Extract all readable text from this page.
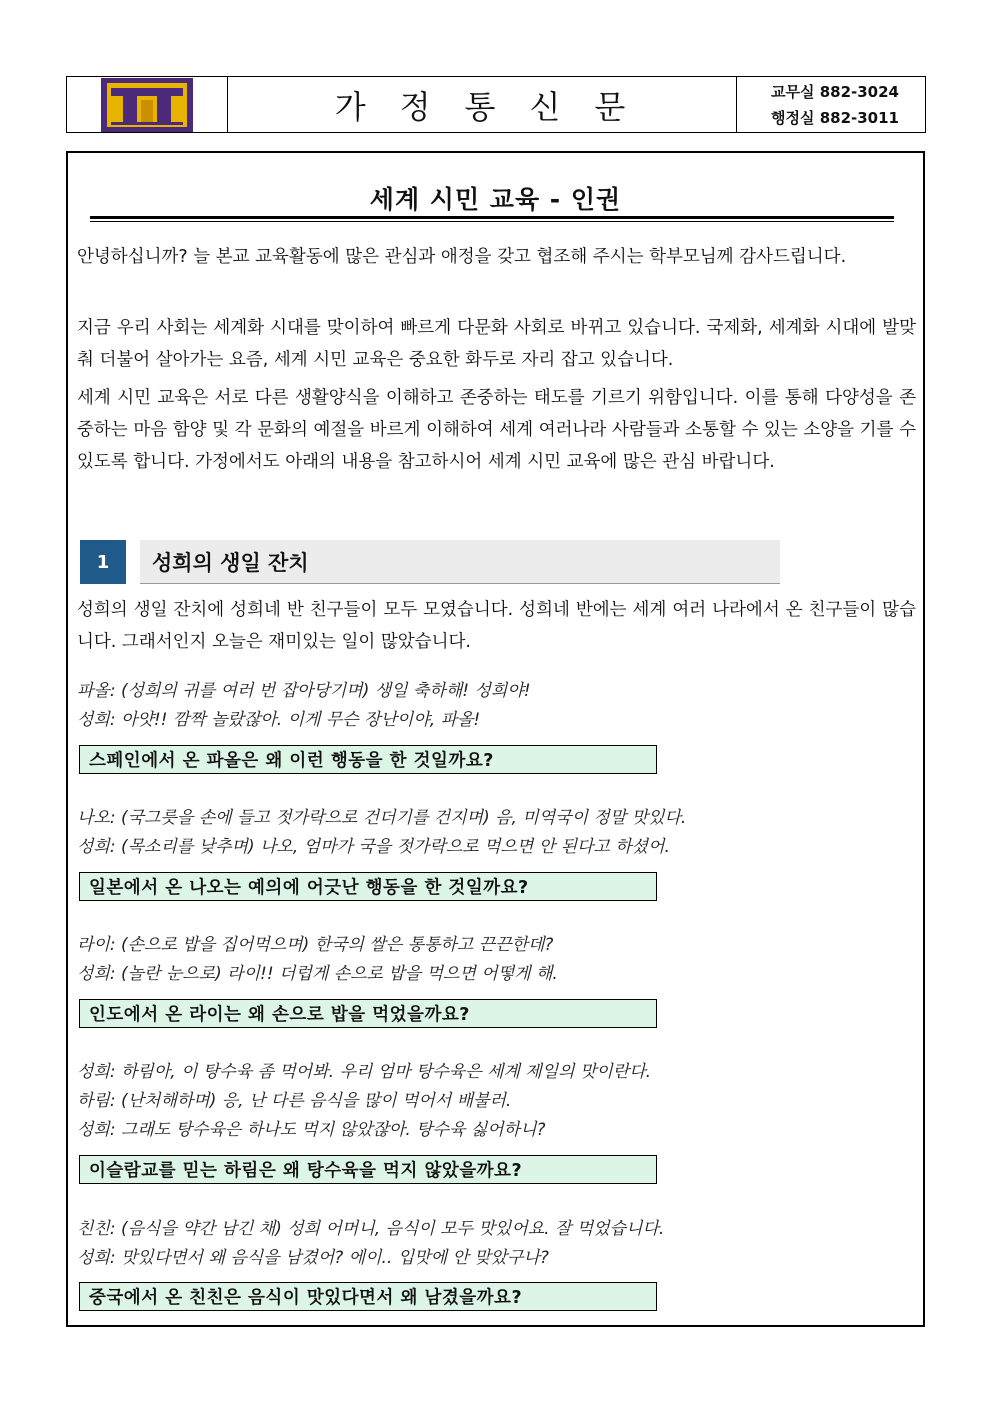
가정통신문	교무실 882-3024
행정실 882-3011
세계 시민 교육 - 인권
안녕하십니까? 늘 본교 교육활동에 많은 관심과 애정을 갖고 협조해 주시는 학부모님께 감사드립니다.
지금 우리 사회는 세계화 시대를 맞이하여 빠르게 다문화 사회로 바뀌고 있습니다. 국제화, 세계화 시대에 발맞춰 더불어 살아가는 요즘, 세계 시민 교육은 중요한 화두로 자리 잡고 있습니다.
세계 시민 교육은 서로 다른 생활양식을 이해하고 존중하는 태도를 기르기 위함입니다. 이를 통해 다양성을 존중하는 마음 함양 및 각 문화의 예절을 바르게 이해하여 세계 여러나라 사람들과 소통할 수 있는 소양을 기를 수 있도록 합니다. 가정에서도 아래의 내용을 참고하시어 세계 시민 교육에 많은 관심 바랍니다.
1	성희의 생일 잔치
성희의 생일 잔치에 성희네 반 친구들이 모두 모였습니다. 성희네 반에는 세계 여러 나라에서 온 친구들이 많습니다. 그래서인지 오늘은 재미있는 일이 많았습니다.
파올: (성희의 귀를 여러 번 잡아당기며) 생일 축하해! 성희야!
성희: 아얏!! 깜짝 놀랐잖아. 이게 무슨 장난이야, 파올!
스페인에서 온 파올은 왜 이런 행동을 한 것일까요?
나오: (국그릇을 손에 들고 젓가락으로 건더기를 건지며) 음, 미역국이 정말 맛있다.
성희: (목소리를 낮추며) 나오, 엄마가 국을 젓가락으로 먹으면 안 된다고 하셨어.
일본에서 온 나오는 예의에 어긋난 행동을 한 것일까요?
라이: (손으로 밥을 집어먹으며) 한국의 쌀은 통통하고 끈끈한데?
성희: (놀란 눈으로) 라이!! 더럽게 손으로 밥을 먹으면 어떻게 해.
인도에서 온 라이는 왜 손으로 밥을 먹었을까요?
성희: 하림아, 이 탕수육 좀 먹어봐. 우리 엄마 탕수육은 세계 제일의 맛이란다.
하림: (난처해하며) 응, 난 다른 음식을 많이 먹어서 배불러.
성희: 그래도 탕수육은 하나도 먹지 않았잖아. 탕수육 싫어하니?
이슬람교를 믿는 하림은 왜 탕수육을 먹지 않았을까요?
친친: (음식을 약간 남긴 채) 성희 어머니, 음식이 모두 맛있어요. 잘 먹었습니다.
성희: 맛있다면서 왜 음식을 남겼어? 에이.. 입맛에 안 맞았구나?
중국에서 온 친친은 음식이 맛있다면서 왜 남겼을까요?
